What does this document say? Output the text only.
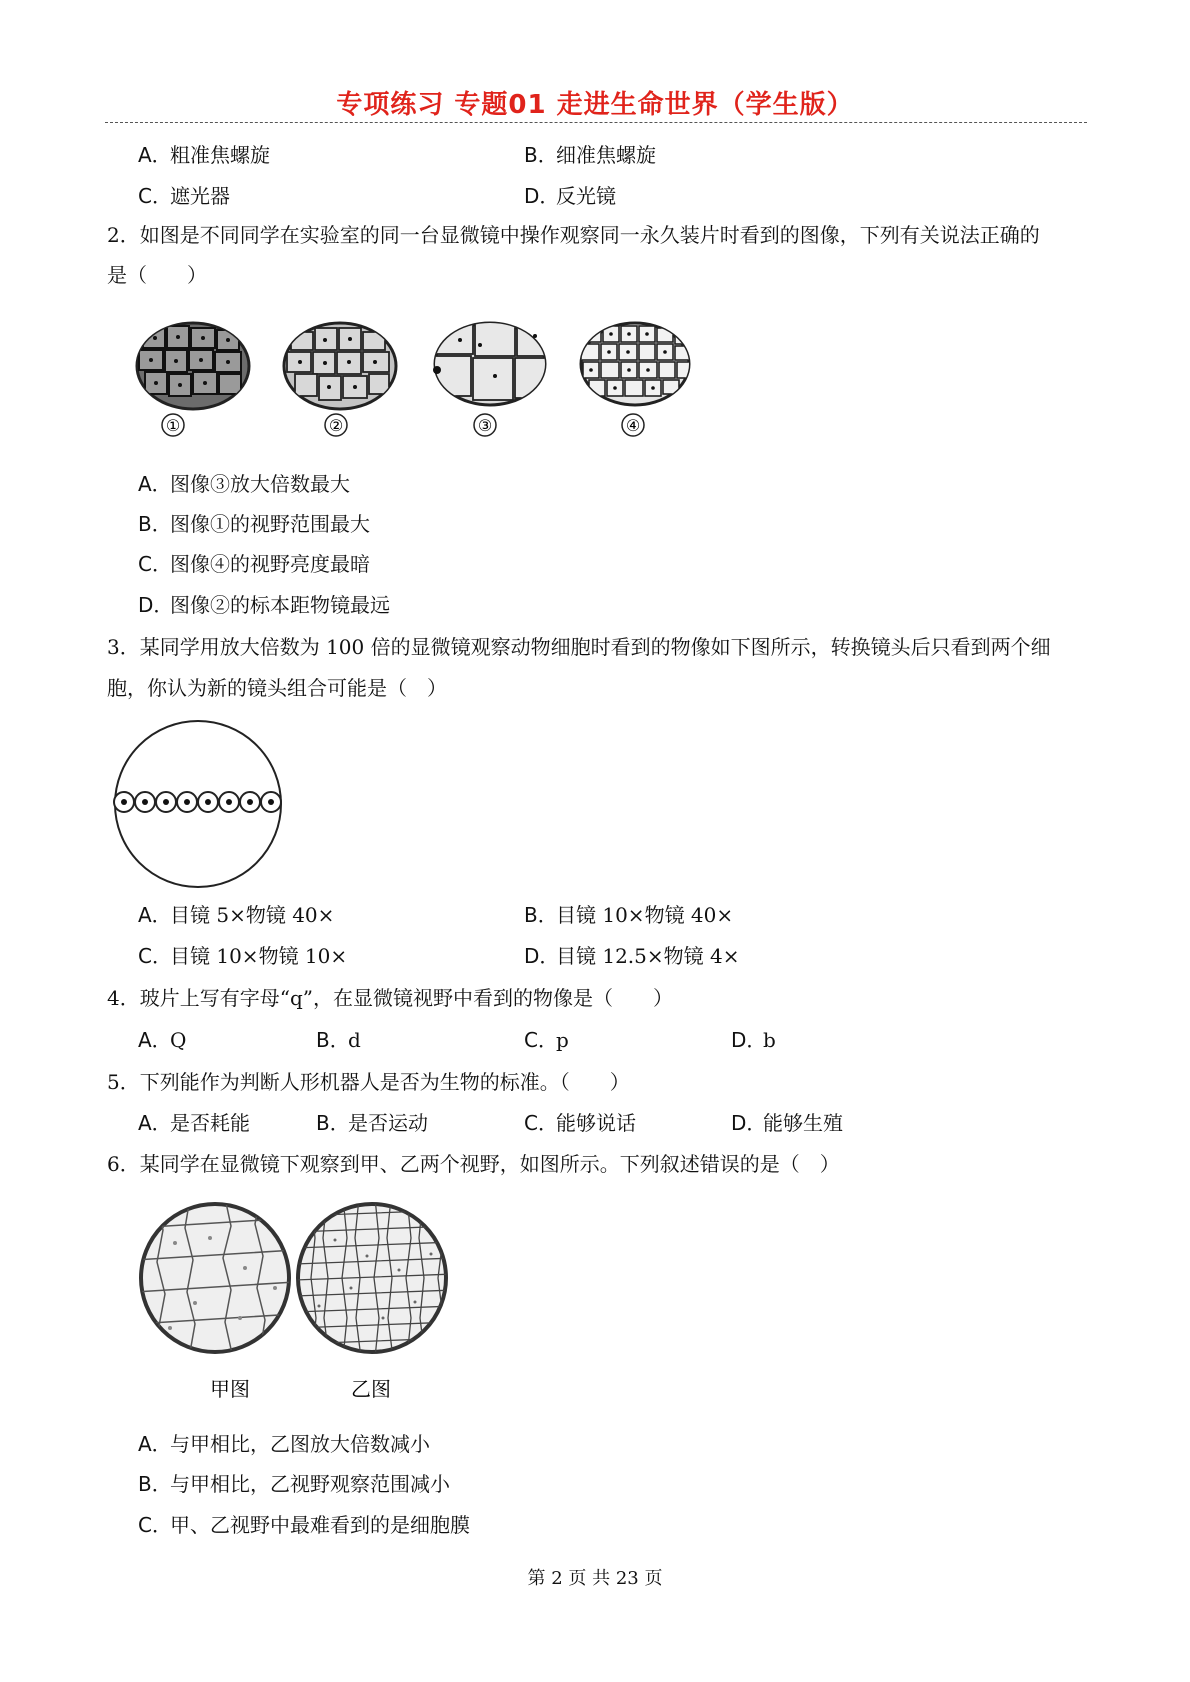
专项练习 专题01 走进生命世界（学生版）
A．粗准焦螺旋	B．细准焦螺旋
C．遮光器	D．反光镜
2．如图是不同同学在实验室的同一台显微镜中操作观察同一永久装片时看到的图像，下列有关说法正确的
是（　　）
①	②	③	④
A．图像③放大倍数最大
B．图像①的视野范围最大
C．图像④的视野亮度最暗
D．图像②的标本距物镜最远
3．某同学用放大倍数为 100 倍的显微镜观察动物细胞时看到的物像如下图所示，转换镜头后只看到两个细
胞，你认为新的镜头组合可能是（　）
A．目镜 5×物镜 40×	B．目镜 10×物镜 40×
C．目镜 10×物镜 10×	D．目镜 12.5×物镜 4×
4．玻片上写有字母“q”，在显微镜视野中看到的物像是（　　）
A．Q	B．d	C．p	D．b
5．下列能作为判断人形机器人是否为生物的标准。（　　）
A．是否耗能	B．是否运动	C．能够说话	D．能够生殖
6．某同学在显微镜下观察到甲、乙两个视野，如图所示。下列叙述错误的是（　）
甲图	乙图
A．与甲相比，乙图放大倍数减小
B．与甲相比，乙视野观察范围减小
C．甲、乙视野中最难看到的是细胞膜
第 2 页 共 23 页
